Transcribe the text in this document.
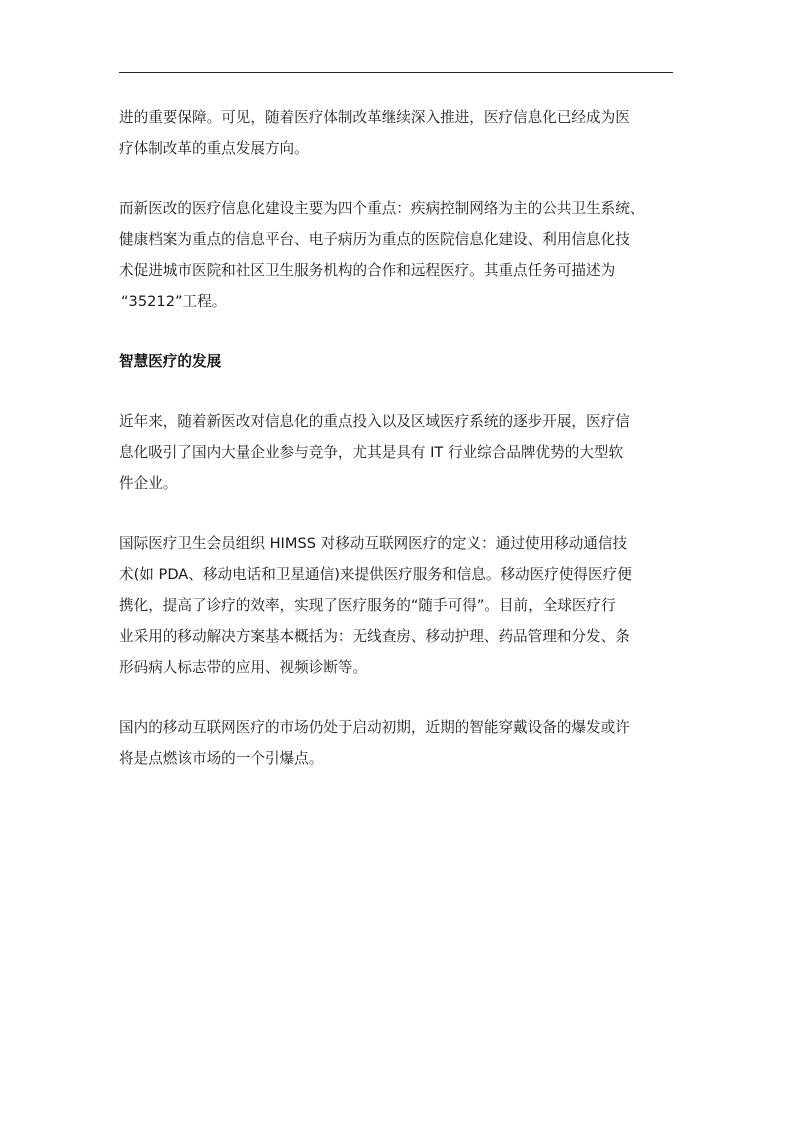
进的重要保障。可见，随着医疗体制改革继续深入推进，医疗信息化已经成为医
疗体制改革的重点发展方向。

而新医改的医疗信息化建设主要为四个重点：疾病控制网络为主的公共卫生系统、
健康档案为重点的信息平台、电子病历为重点的医院信息化建设、利用信息化技
术促进城市医院和社区卫生服务机构的合作和远程医疗。其重点任务可描述为
“35212”工程。

智慧医疗的发展

近年来，随着新医改对信息化的重点投入以及区域医疗系统的逐步开展，医疗信
息化吸引了国内大量企业参与竞争，尤其是具有 IT 行业综合品牌优势的大型软
件企业。

国际医疗卫生会员组织 HIMSS 对移动互联网医疗的定义：通过使用移动通信技
术(如 PDA、移动电话和卫星通信)来提供医疗服务和信息。移动医疗使得医疗便
携化，提高了诊疗的效率，实现了医疗服务的“随手可得”。目前，全球医疗行
业采用的移动解决方案基本概括为：无线查房、移动护理、药品管理和分发、条
形码病人标志带的应用、视频诊断等。

国内的移动互联网医疗的市场仍处于启动初期，近期的智能穿戴设备的爆发或许
将是点燃该市场的一个引爆点。
